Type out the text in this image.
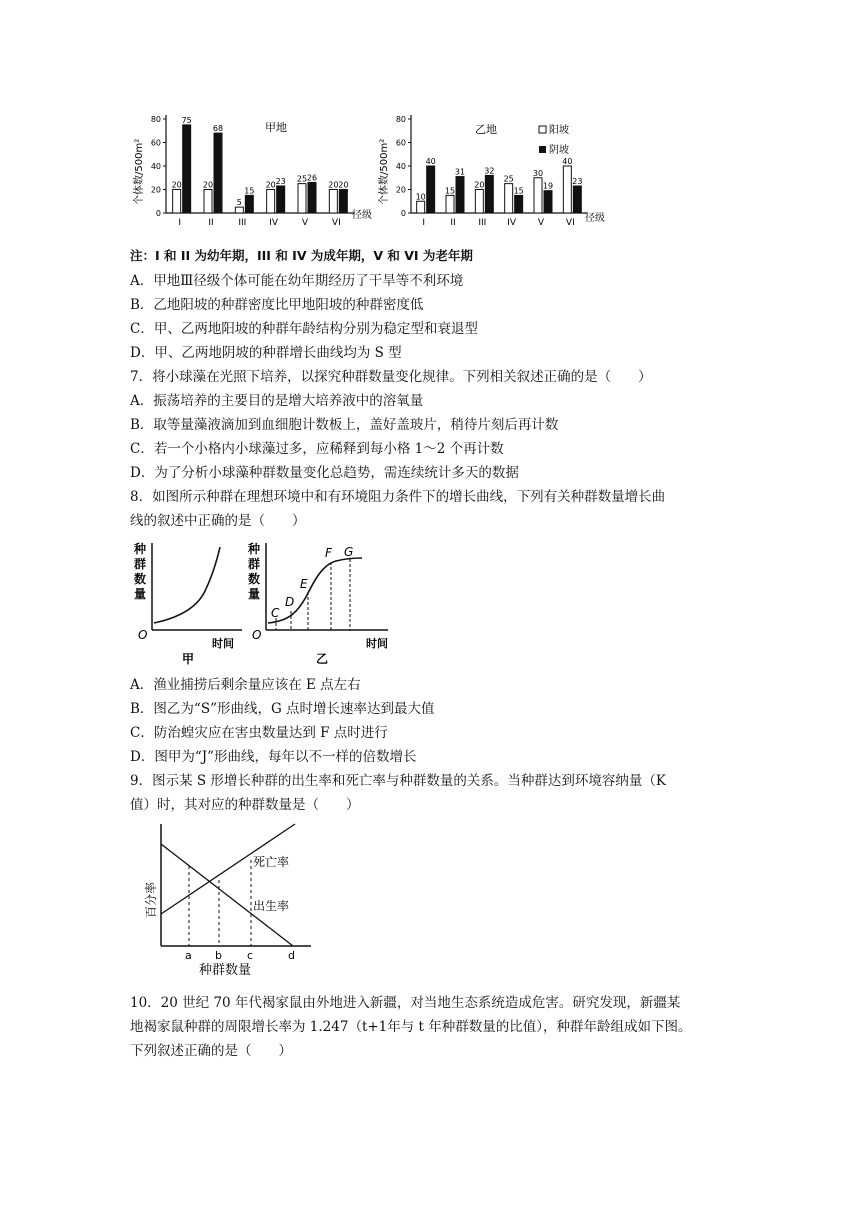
0
20
40
60
80
I
20
75
II
20
68
III
5
15
IV
20 23
V
25 26
VI
20 20
甲地
个体数/500m²
径级	0
20
40
60
80
I
10
40
II
15
31
III
20
32
IV
25
15
V
30
19
VI
40
23
乙地
个体数/500m²
径级
阳坡
阴坡
注：I 和 II 为幼年期，III 和 IV 为成年期，V 和 VI 为老年期
A．甲地Ⅲ径级个体可能在幼年期经历了干旱等不利环境
B．乙地阳坡的种群密度比甲地阳坡的种群密度低
C．甲、乙两地阳坡的种群年龄结构分别为稳定型和衰退型
D．甲、乙两地阴坡的种群增长曲线均为 S 型
7．将小球藻在光照下培养，以探究种群数量变化规律。下列相关叙述正确的是（　　）
A．振荡培养的主要目的是增大培养液中的溶氧量
B．取等量藻液滴加到血细胞计数板上，盖好盖玻片，稍待片刻后再计数
C．若一个小格内小球藻过多，应稀释到每小格 1～2 个再计数
D．为了分析小球藻种群数量变化总趋势，需连续统计多天的数据
8．如图所示种群在理想环境中和有环境阻力条件下的增长曲线，下列有关种群数量增长曲
线的叙述中正确的是（　　）
种
群
数
量
O
时间
甲
种
群
数
量
C
D
E
F G
O
时间
乙
A．渔业捕捞后剩余量应该在 E 点左右
B．图乙为“S”形曲线，G 点时增长速率达到最大值
C．防治蝗灾应在害虫数量达到 F 点时进行
D．图甲为“J”形曲线，每年以不一样的倍数增长
9．图示某 S 形增长种群的出生率和死亡率与种群数量的关系。当种群达到环境容纳量（K
值）时，其对应的种群数量是（　　）
百分率
死亡率
出生率
a b c	d
种群数量
10．20 世纪 70 年代褐家鼠由外地进入新疆，对当地生态系统造成危害。研究发现，新疆某
地褐家鼠种群的周限增长率为 1.247（t+1年与 t 年种群数量的比值），种群年龄组成如下图。
下列叙述正确的是（　　）
